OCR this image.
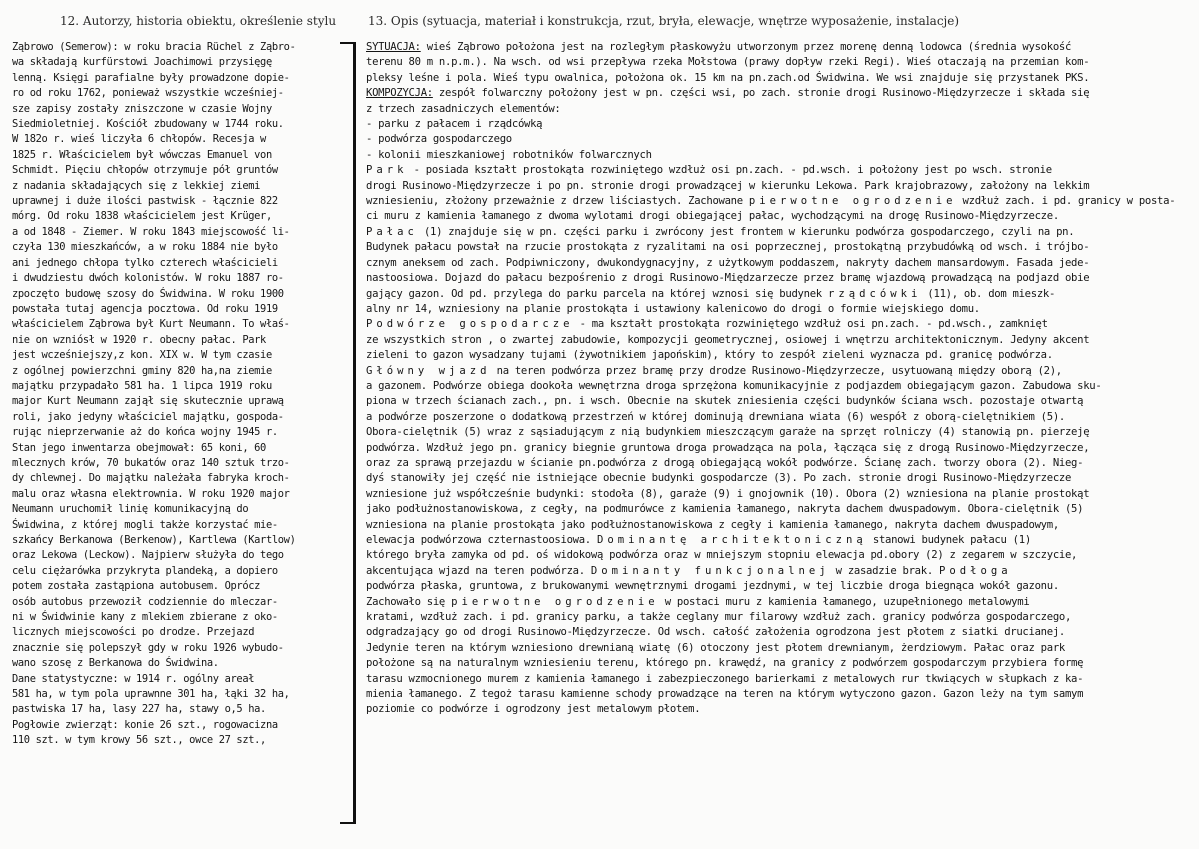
12. Autorzy, historia obiektu, określenie stylu	13. Opis (sytuacja, materiał i konstrukcja, rzut, bryła, elewacje, wnętrze wyposażenie, instalacje)

Ząbrowo (Semerow): w roku bracia Rüchel z Ząbro-

wa składają kurfürstowi Joachimowi przysięgę

lenną. Księgi parafialne były prowadzone dopie-

ro od roku 1762, ponieważ wszystkie wcześniej-

sze zapisy zostały zniszczone w czasie Wojny

Siedmioletniej. Kościół zbudowany w 1744 roku.

W 182o r. wieś liczyła 6 chłopów. Recesja w

1825 r. Właścicielem był wówczas Emanuel von

Schmidt. Pięciu chłopów otrzymuje pół gruntów

z nadania składających się z lekkiej ziemi

uprawnej i duże ilości pastwisk - łącznie 822

mórg. Od roku 1838 właścicielem jest Krüger,

a od 1848 - Ziemer. W roku 1843 miejscowość li-

czyła 130 mieszkańców, a w roku 1884 nie było

ani jednego chłopa tylko czterech właścicieli

i dwudziestu dwóch kolonistów. W roku 1887 ro-

zpoczęto budowę szosy do Świdwina. W roku 1900

powstała tutaj agencja pocztowa. Od roku 1919

właścicielem Ząbrowa był Kurt Neumann. To właś-

nie on wzniósł w 1920 r. obecny pałac. Park

jest wcześniejszy,z kon. XIX w. W tym czasie

z ogólnej powierzchni gminy 820 ha,na ziemie

majątku przypadało 581 ha. 1 lipca 1919 roku

major Kurt Neumann zajął się skutecznie uprawą

roli, jako jedyny właściciel majątku, gospoda-

rując nieprzerwanie aż do końca wojny 1945 r.

Stan jego inwentarza obejmował: 65 koni, 60

mlecznych krów, 70 bukatów oraz 140 sztuk trzo-

dy chlewnej. Do majątku należała fabryka kroch-

malu oraz własna elektrownia. W roku 1920 major

Neumann uruchomił linię komunikacyjną do

Świdwina, z której mogli także korzystać mie-

szkańcy Berkanowa (Berkenow), Kartlewa (Kartlow)

oraz Lekowa (Leckow). Najpierw służyła do tego

celu ciężarówka przykryta plandeką, a dopiero

potem została zastąpiona autobusem. Oprócz

osób autobus przewoził codziennie do mleczar-

ni w Świdwinie kany z mlekiem zbierane z oko-

licznych miejscowości po drodze. Przejazd

znacznie się polepszył gdy w roku 1926 wybudo-

wano szosę z Berkanowa do Świdwina.

Dane statystyczne: w 1914 r. ogólny areał

581 ha, w tym pola uprawnne 301 ha, łąki 32 ha,

pastwiska 17 ha, lasy 227 ha, stawy o,5 ha.

Pogłowie zwierząt: konie 26 szt., rogowacizna

110 szt. w tym krowy 56 szt., owce 27 szt.,

SYTUACJA: wieś Ząbrowo położona jest na rozległym płaskowyżu utworzonym przez morenę denną lodowca (średnia wysokość

terenu 80 m n.p.m.). Na wsch. od wsi przepływa rzeka Mołstowa (prawy dopływ rzeki Regi). Wieś otaczają na przemian kom-

pleksy leśne i pola. Wieś typu owalnica, położona ok. 15 km na pn.zach.od Świdwina. We wsi znajduje się przystanek PKS.

KOMPOZYCJA: zespół folwarczny położony jest w pn. części wsi, po zach. stronie drogi Rusinowo-Międzyrzecze i składa się

z trzech zasadniczych elementów:

- parku z pałacem i rządcówką

- podwórza gospodarczego

- kolonii mieszkaniowej robotników folwarcznych

Park - posiada kształt prostokąta rozwiniętego wzdłuż osi pn.zach. - pd.wsch. i położony jest po wsch. stronie

drogi Rusinowo-Międzyrzecze i po pn. stronie drogi prowadzącej w kierunku Lekowa. Park krajobrazowy, założony na lekkim

wzniesieniu, złożony przeważnie z drzew liściastych. Zachowane pierwotne ogrodzenie wzdłuż zach. i pd. granicy w posta-

ci muru z kamienia łamanego z dwoma wylotami drogi obiegającej pałac, wychodzącymi na drogę Rusinowo-Międzyrzecze.

Pałac (1) znajduje się w pn. części parku i zwrócony jest frontem w kierunku podwórza gospodarczego, czyli na pn.

Budynek pałacu powstał na rzucie prostokąta z ryzalitami na osi poprzecznej, prostokątną przybudówką od wsch. i trójbo-

cznym aneksem od zach. Podpiwniczony, dwukondygnacyjny, z użytkowym poddaszem, nakryty dachem mansardowym. Fasada jede-

nastoosiowa. Dojazd do pałacu bezpośrenio z drogi Rusinowo-Międzarzecze przez bramę wjazdową prowadzącą na podjazd obie

gający gazon. Od pd. przylega do parku parcela na której wznosi się budynek rządcówki (11), ob. dom mieszk-

alny nr 14, wzniesiony na planie prostokąta i ustawiony kalenicowo do drogi o formie wiejskiego domu.

Podwórze gospodarcze - ma kształt prostokąta rozwiniętego wzdłuż osi pn.zach. - pd.wsch., zamknięt

ze wszystkich stron , o zwartej zabudowie, kompozycji geometrycznej, osiowej i wnętrzu architektonicznym. Jedyny akcent

zieleni to gazon wysadzany tujami (żywotnikiem japońskim), który to zespół zieleni wyznacza pd. granicę podwórza.

Główny wjazd na teren podwórza przez bramę przy drodze Rusinowo-Międzyrzecze, usytuowaną między oborą (2),

a gazonem. Podwórze obiega dookoła wewnętrzna droga sprzężona komunikacyjnie z podjazdem obiegającym gazon. Zabudowa sku-

piona w trzech ścianach zach., pn. i wsch. Obecnie na skutek zniesienia części budynków ściana wsch. pozostaje otwartą

a podwórze poszerzone o dodatkową przestrzeń w której dominują drewniana wiata (6) wespół z oborą-cielętnikiem (5).

Obora-cielętnik (5) wraz z sąsiadującym z nią budynkiem mieszczącym garaże na sprzęt rolniczy (4) stanowią pn. pierzeję

podwórza. Wzdłuż jego pn. granicy biegnie gruntowa droga prowadząca na pola, łącząca się z drogą Rusinowo-Międzyrzecze,

oraz za sprawą przejazdu w ścianie pn.podwórza z drogą obiegającą wokół podwórze. Ścianę zach. tworzy obora (2). Nieg-

dyś stanowiły jej część nie istniejące obecnie budynki gospodarcze (3). Po zach. stronie drogi Rusinowo-Międzyrzecze

wzniesione już współcześnie budynki: stodoła (8), garaże (9) i gnojownik (10). Obora (2) wzniesiona na planie prostokąt

jako podłużnostanowiskowa, z cegły, na podmurówce z kamienia łamanego, nakryta dachem dwuspadowym. Obora-cielętnik (5)

wzniesiona na planie prostokąta jako podłużnostanowiskowa z cegły i kamienia łamanego, nakryta dachem dwuspadowym,

elewacja podwórzowa czternastoosiowa. Dominantę architektoniczną stanowi budynek pałacu (1)

którego bryła zamyka od pd. oś widokową podwórza oraz w mniejszym stopniu elewacja pd.obory (2) z zegarem w szczycie,

akcentująca wjazd na teren podwórza. Dominanty funkcjonalnej w zasadzie brak. Podłoga

podwórza płaska, gruntowa, z brukowanymi wewnętrznymi drogami jezdnymi, w tej liczbie droga biegnąca wokół gazonu.

Zachowało się pierwotne ogrodzenie w postaci muru z kamienia łamanego, uzupełnionego metalowymi

kratami, wzdłuż zach. i pd. granicy parku, a także ceglany mur filarowy wzdłuż zach. granicy podwórza gospodarczego,

odgradzający go od drogi Rusinowo-Międzyrzecze. Od wsch. całość założenia ogrodzona jest płotem z siatki drucianej.

Jedynie teren na którym wzniesiono drewnianą wiatę (6) otoczony jest płotem drewnianym, żerdziowym. Pałac oraz park

położone są na naturalnym wzniesieniu terenu, którego pn. krawędź, na granicy z podwórzem gospodarczym przybiera formę

tarasu wzmocnionego murem z kamienia łamanego i zabezpieczonego barierkami z metalowych rur tkwiących w słupkach z ka-

mienia łamanego. Z tegoż tarasu kamienne schody prowadzące na teren na którym wytyczono gazon. Gazon leży na tym samym

poziomie co podwórze i ogrodzony jest metalowym płotem.
